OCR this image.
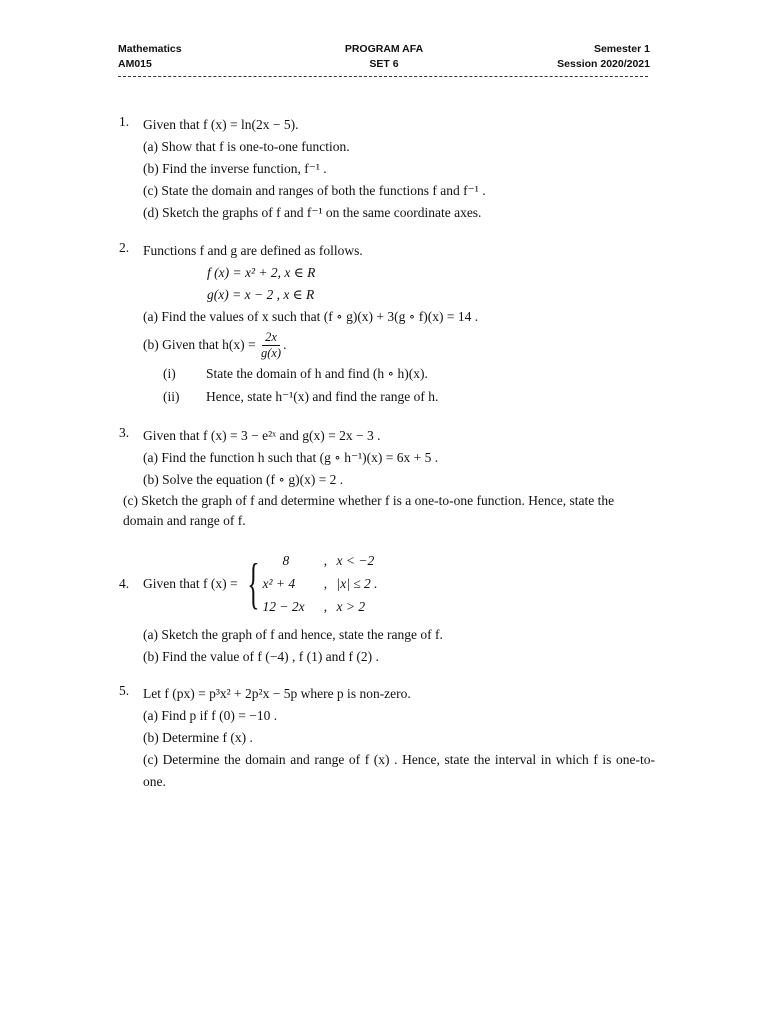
Mathematics	PROGRAM AFA	Semester 1
AM015	SET 6	Session 2020/2021
1. Given that f (x) = ln(2x − 5).
(a) Show that f is one-to-one function.
(b) Find the inverse function, f⁻¹ .
(c) State the domain and ranges of both the functions f and f⁻¹ .
(d) Sketch the graphs of f and f⁻¹ on the same coordinate axes.
2. Functions f and g are defined as follows.
f (x) = x² + 2, x ∈ R
g(x) = x − 2 , x ∈ R
(a) Find the values of x such that (f ∘ g)(x) + 3(g ∘ f)(x) = 14 .
(b) Given that $h(x) = \frac{2x}{g(x)}$ .
(i)	State the domain of h and find (h ∘ h)(x).
(ii)	Hence, state h⁻¹(x) and find the range of h.
3. Given that f (x) = 3 − e²ˣ and g(x) = 2x − 3 .
(a) Find the function h such that (g ∘ h⁻¹)(x) = 6x + 5 .
(b) Solve the equation (f ∘ g)(x) = 2 .
(c) Sketch the graph of f and determine whether f is a one-to-one function. Hence, state the domain and range of f.
4.	Given that f (x) = {	8	, x < −2
x² + 4	, |x| ≤ 2 .
12 − 2x	, x > 2
(a) Sketch the graph of f and hence, state the range of f.
(b) Find the value of f (−4) , f (1) and f (2) .
5. Let f (px) = p³x² + 2p²x − 5p where p is non-zero.
(a) Find p if f (0) = −10 .
(b) Determine f (x) .
(c) Determine the domain and range of f (x) . Hence, state the interval in which f is one-to-one.
